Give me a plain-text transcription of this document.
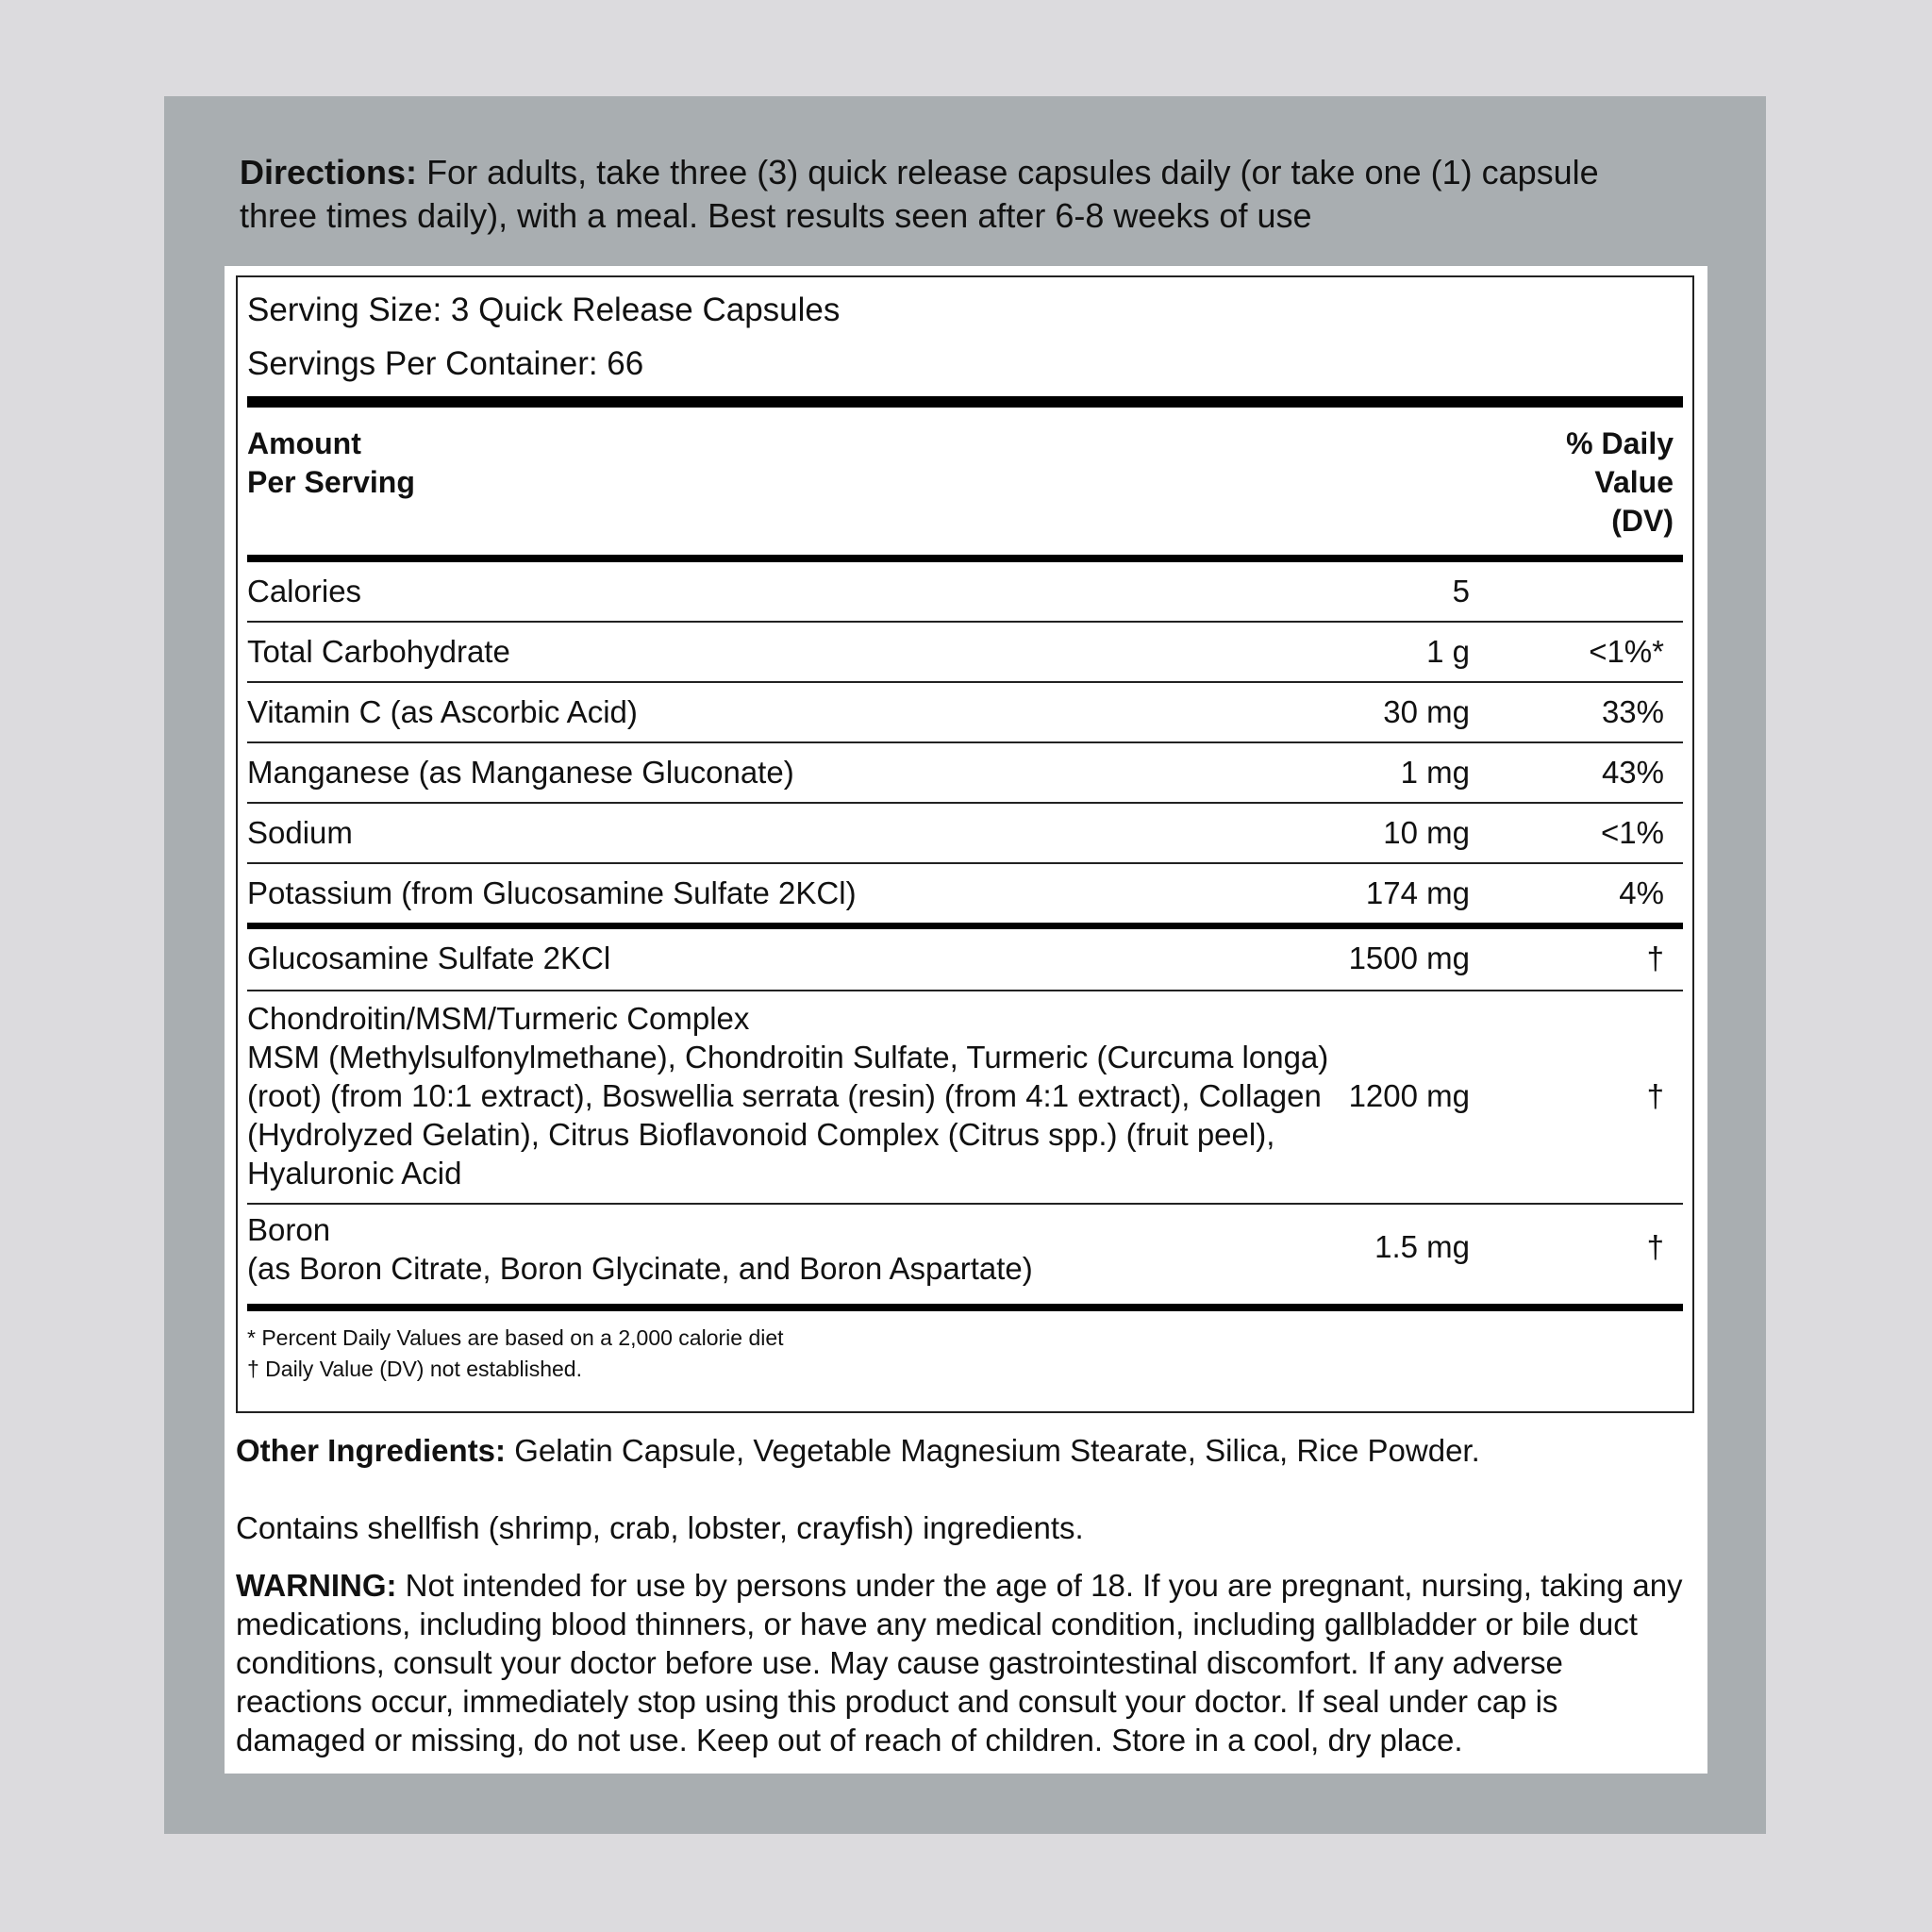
Directions: For adults, take three (3) quick release capsules daily (or take one (1) capsule three times daily), with a meal. Best results seen after 6-8 weeks of use
Serving Size: 3 Quick Release Capsules
Servings Per Container: 66
Amount
Per Serving
% Daily
Value
(DV)
Calories	5
Total Carbohydrate	1 g	<1%*
Vitamin C (as Ascorbic Acid)	30 mg	33%
Manganese (as Manganese Gluconate)	1 mg	43%
Sodium	10 mg	<1%
Potassium (from Glucosamine Sulfate 2KCl)	174 mg	4%
Glucosamine Sulfate 2KCl	1500 mg	†
Chondroitin/MSM/Turmeric Complex
MSM (Methylsulfonylmethane), Chondroitin Sulfate, Turmeric (Curcuma longa)
(root) (from 10:1 extract), Boswellia serrata (resin) (from 4:1 extract), Collagen
(Hydrolyzed Gelatin), Citrus Bioflavonoid Complex (Citrus spp.) (fruit peel),
Hyaluronic Acid
1200 mg	†
Boron
(as Boron Citrate, Boron Glycinate, and Boron Aspartate)
1.5 mg	†
* Percent Daily Values are based on a 2,000 calorie diet
† Daily Value (DV) not established.
Other Ingredients: Gelatin Capsule, Vegetable Magnesium Stearate, Silica, Rice Powder.
Contains shellfish (shrimp, crab, lobster, crayfish) ingredients.
WARNING: Not intended for use by persons under the age of 18. If you are pregnant, nursing, taking any medications, including blood thinners, or have any medical condition, including gallbladder or bile duct conditions, consult your doctor before use. May cause gastrointestinal discomfort. If any adverse reactions occur, immediately stop using this product and consult your doctor. If seal under cap is damaged or missing, do not use. Keep out of reach of children. Store in a cool, dry place.
